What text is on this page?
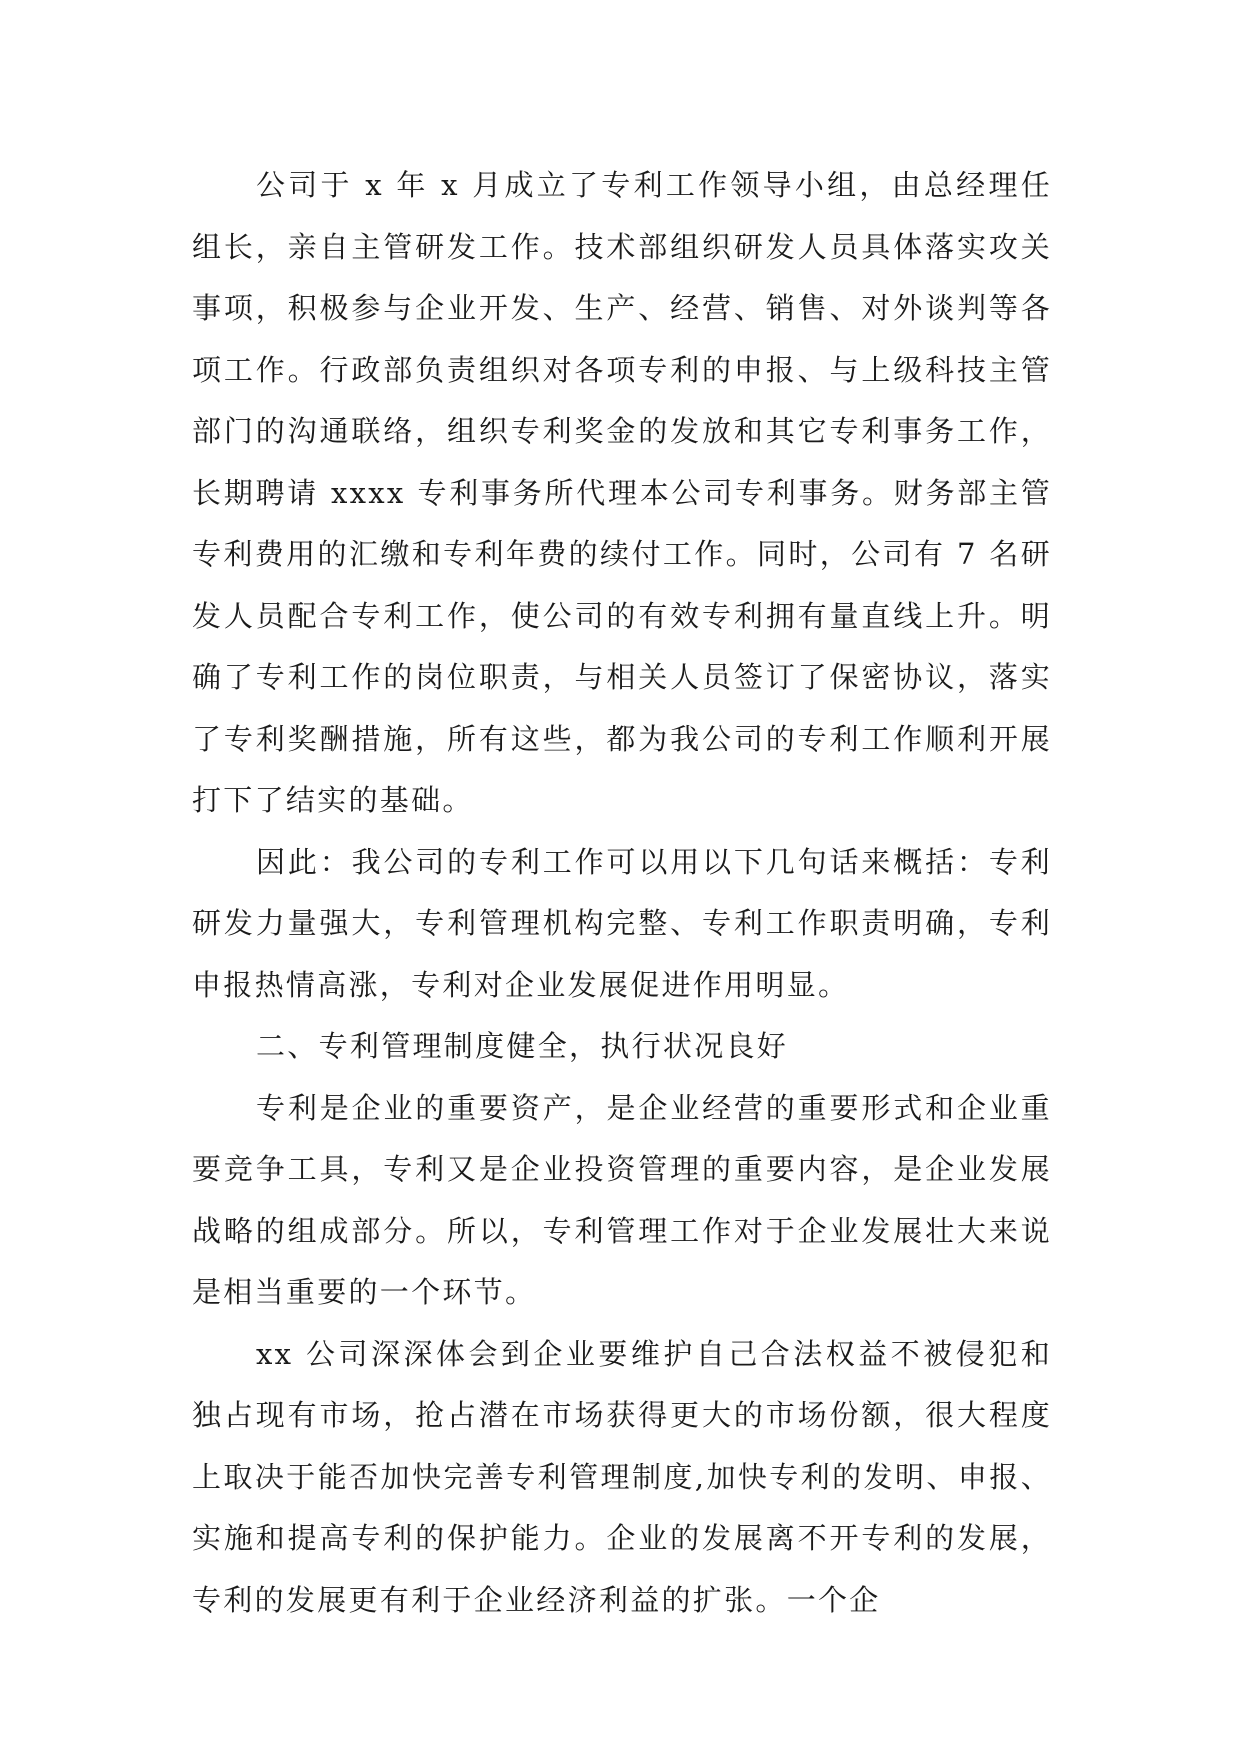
公司于 x 年 x 月成立了专利工作领导小组，由总经理任组长，亲自主管研发工作。技术部组织研发人员具体落实攻关事项，积极参与企业开发、生产、经营、销售、对外谈判等各项工作。行政部负责组织对各项专利的申报、与上级科技主管部门的沟通联络，组织专利奖金的发放和其它专利事务工作，长期聘请 xxxx 专利事务所代理本公司专利事务。财务部主管专利费用的汇缴和专利年费的续付工作。同时，公司有 7 名研发人员配合专利工作，使公司的有效专利拥有量直线上升。明确了专利工作的岗位职责，与相关人员签订了保密协议，落实了专利奖酬措施，所有这些，都为我公司的专利工作顺利开展打下了结实的基础。

因此：我公司的专利工作可以用以下几句话来概括：专利研发力量强大，专利管理机构完整、专利工作职责明确，专利申报热情高涨，专利对企业发展促进作用明显。

二、专利管理制度健全，执行状况良好

专利是企业的重要资产，是企业经营的重要形式和企业重要竞争工具，专利又是企业投资管理的重要内容，是企业发展战略的组成部分。所以，专利管理工作对于企业发展壮大来说是相当重要的一个环节。

xx 公司深深体会到企业要维护自己合法权益不被侵犯和独占现有市场，抢占潜在市场获得更大的市场份额，很大程度上取决于能否加快完善专利管理制度,加快专利的发明、申报、实施和提高专利的保护能力。企业的发展离不开专利的发展，专利的发展更有利于企业经济利益的扩张。一个企
